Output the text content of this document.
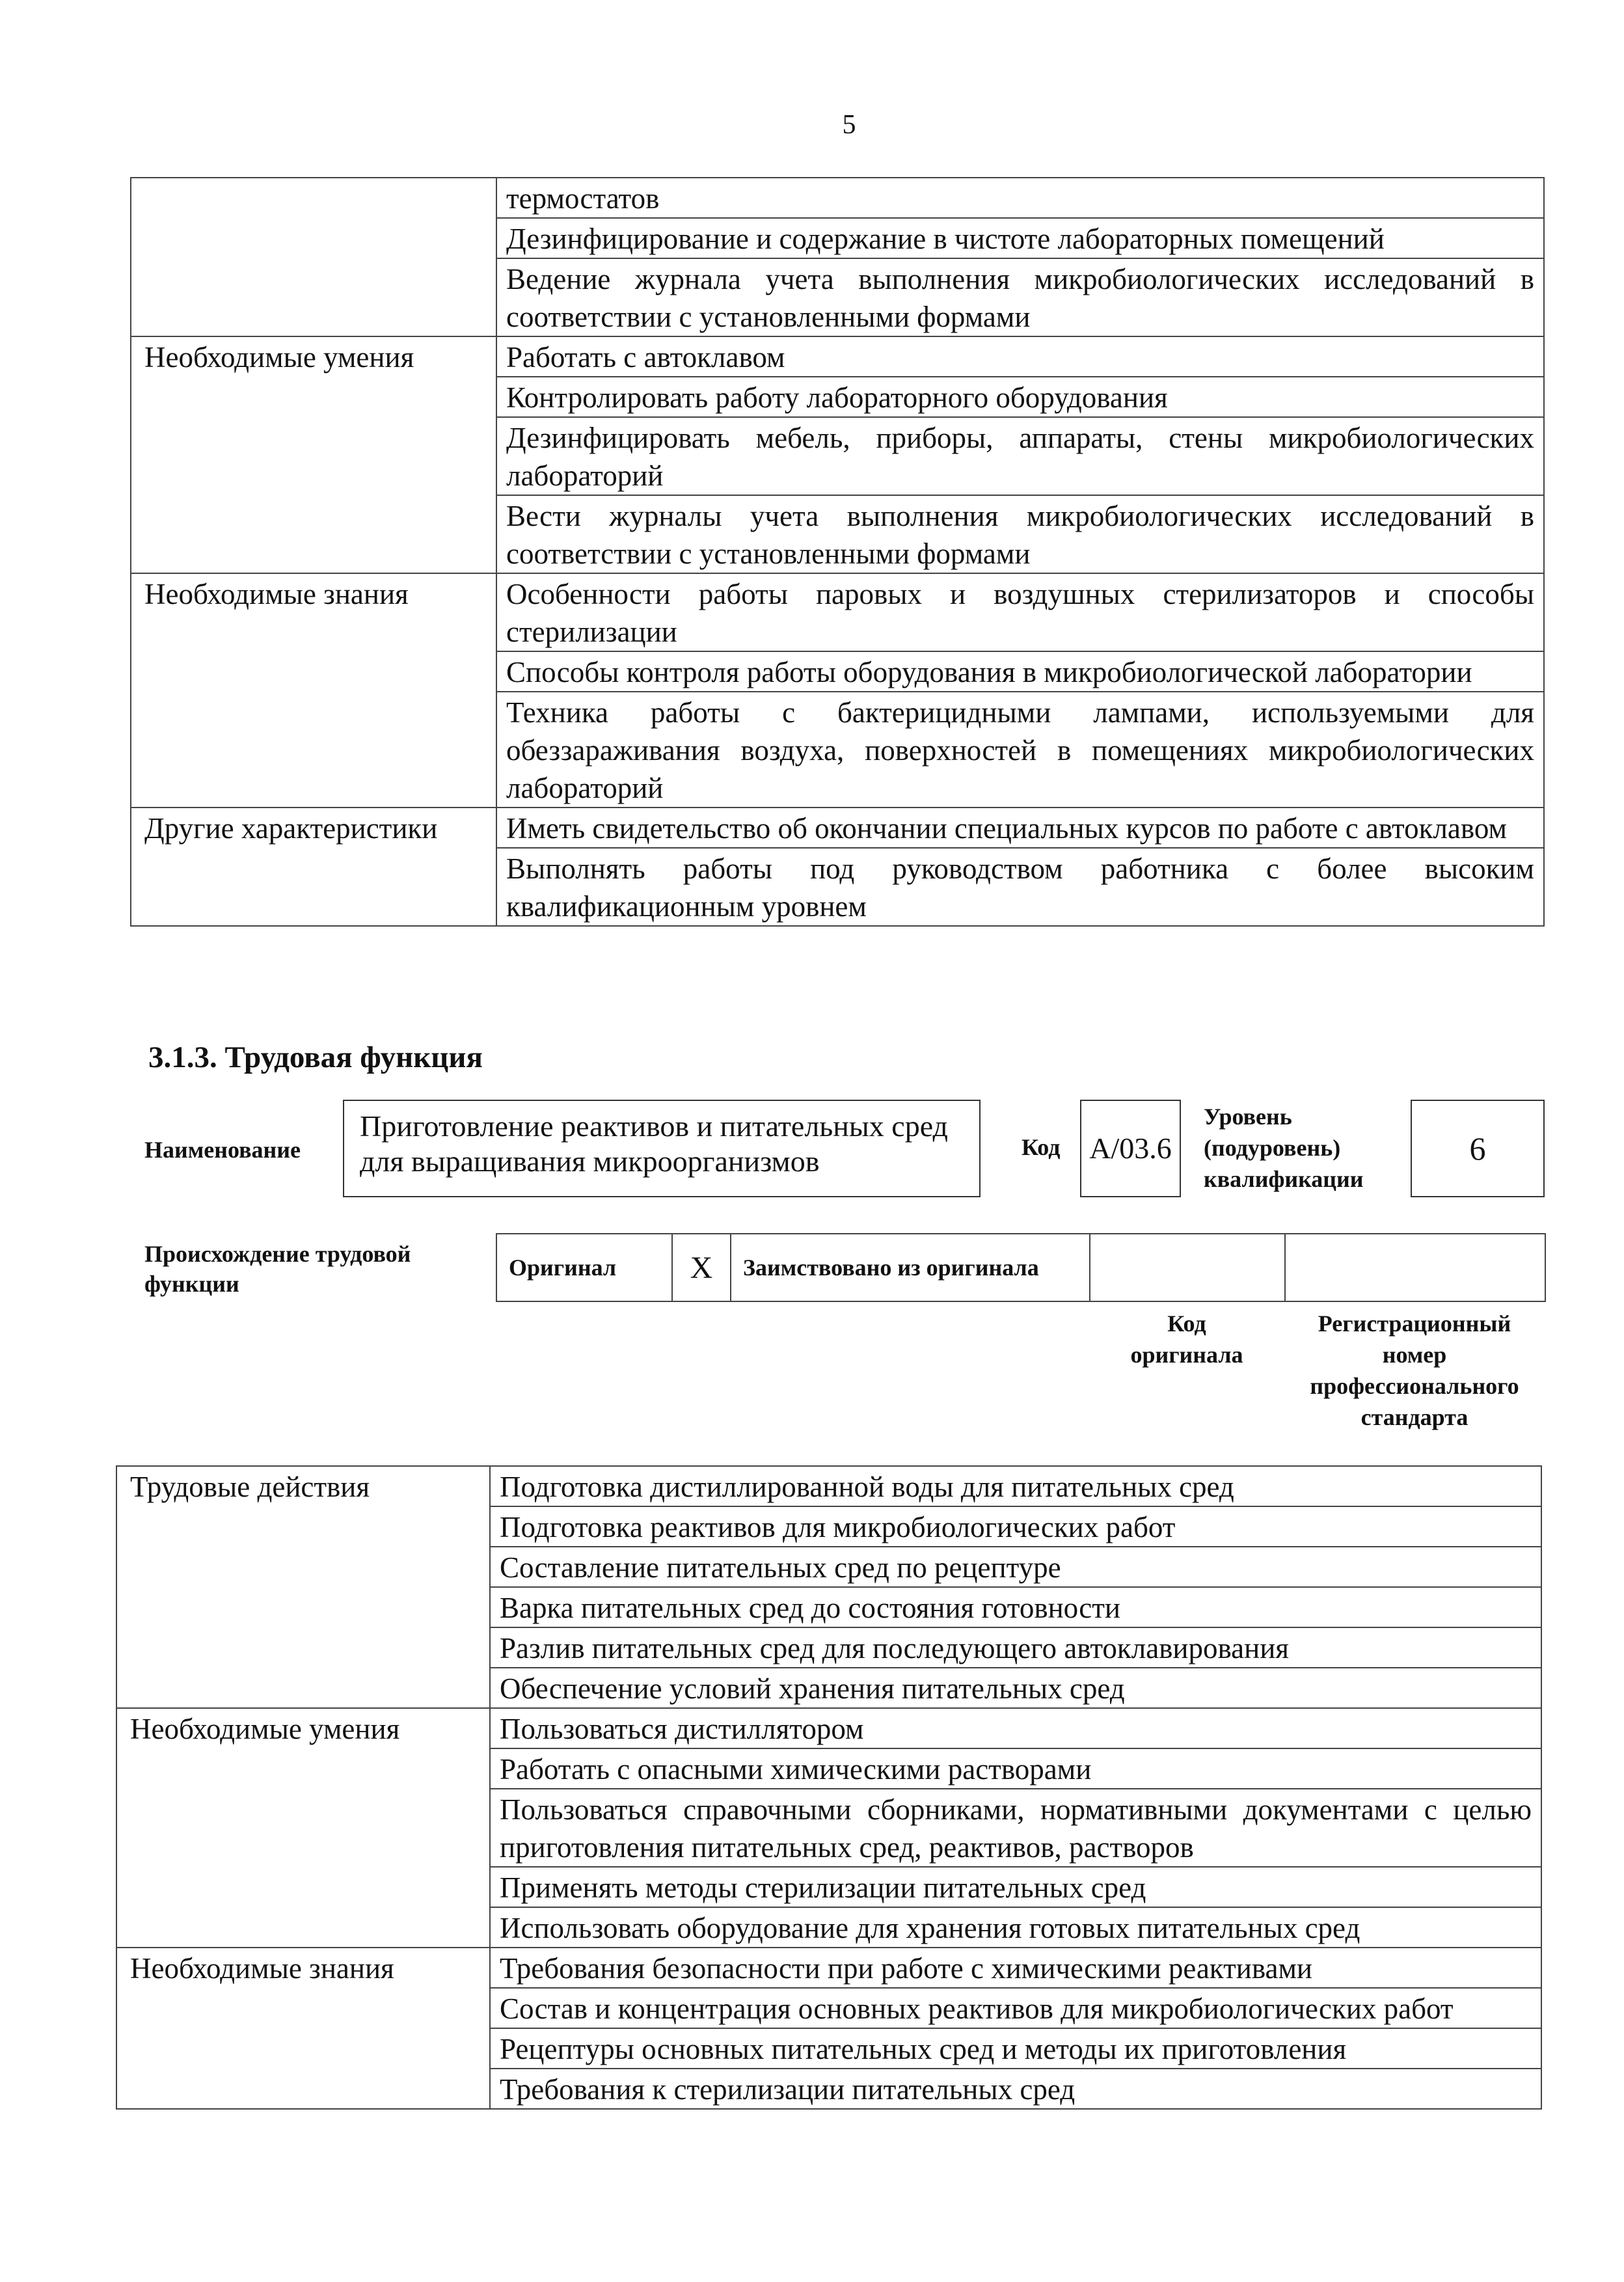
5
	термостатов
	Дезинфицирование и содержание в чистоте лабораторных помещений
	Ведение журнала учета выполнения микробиологических исследований в соответствии с установленными формами
Необходимые умения	Работать с автоклавом
	Контролировать работу лабораторного оборудования
	Дезинфицировать мебель, приборы, аппараты, стены микробиологических лабораторий
	Вести журналы учета выполнения микробиологических исследований в соответствии с установленными формами
Необходимые знания	Особенности работы паровых и воздушных стерилизаторов и способы стерилизации
	Способы контроля работы оборудования в микробиологической лаборатории
	Техника работы с бактерицидными лампами, используемыми для обеззараживания воздуха, поверхностей в помещениях микробиологических лабораторий
Другие характеристики	Иметь свидетельство об окончании специальных курсов по работе с автоклавом
	Выполнять работы под руководством работника с более высоким квалификационным уровнем
3.1.3. Трудовая функция
Наименование
Приготовление реактивов и питательных сред для выращивания микроорганизмов	Код А/03.6
Уровень
(подуровень)
квалификации
6
Происхождение трудовой
функции
Оригинал	X	Заимствовано из оригинала		
Код
оригинала
Регистрационный
номер
профессионального
стандарта
Трудовые действия	Подготовка дистиллированной воды для питательных сред
	Подготовка реактивов для микробиологических работ
	Составление питательных сред по рецептуре
	Варка питательных сред до состояния готовности
	Разлив питательных сред для последующего автоклавирования
	Обеспечение условий хранения питательных сред
Необходимые умения	Пользоваться дистиллятором
	Работать с опасными химическими растворами
	Пользоваться справочными сборниками, нормативными документами с целью приготовления питательных сред, реактивов, растворов
	Применять методы стерилизации питательных сред
	Использовать оборудование для хранения готовых питательных сред
Необходимые знания	Требования безопасности при работе с химическими реактивами
	Состав и концентрация основных реактивов для микробиологических работ
	Рецептуры основных питательных сред и методы их приготовления
	Требования к стерилизации питательных сред
